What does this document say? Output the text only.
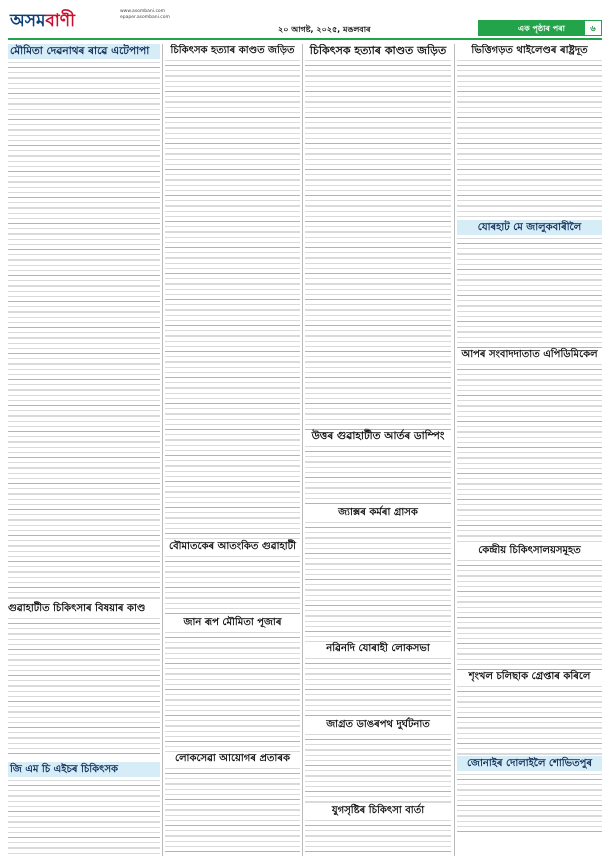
অসমবাণী	www.asombani.com
epaper.asombani.com
২০ আগষ্ট, ২০২৫, মঙলবাৰ	এক পৃষ্ঠাৰ পৰা	৬
মৌমিতা দেৱনাথৰ ৰাৱে এটেপাপা
গুৱাহাটীত চিকিৎসাৰ বিষয়াৰ কাণ্ড
জি এম চি এইচৰ চিকিৎসক
চিকিৎসক হত্যাৰ কাণ্ডত জড়িত
বৌমাতকেৰ আতংকিত গুৱাহাটী
জান ৰূপ মৌমিতা পূজাৰ
লোকসেৱা আয়োগৰ প্ৰতাৰক
চিকিৎসক হত্যাৰ কাণ্ডত জড়িত
উত্তৰ গুৱাহাটীত আৰ্তৰ ডাম্পিং
জ্যাক্সৰ কৰ্মৰা গ্ৰাসক
নৱিনদি যোৰাহী লোকসভা
জাগ্ৰত ডাঙৰপথ দুৰ্ঘটনাত
যুগসৃষ্টিৰ চিকিৎসা বাৰ্তা
ভিত্তিগড়ত থাইলেণ্ডৰ ৰাষ্ট্ৰদূত
যোৰহাট মে জালুকবাৰীলৈ
আপৰ সংবাদদাতাত এপিডিমিকেল
কেন্দ্ৰীয় চিকিৎসালয়সমূহত
শৃংখল চলিছাক গ্ৰেপ্তাৰ কৰিলে
জোনাইৰ দোলাইলৈ শোভিতপুৰ
